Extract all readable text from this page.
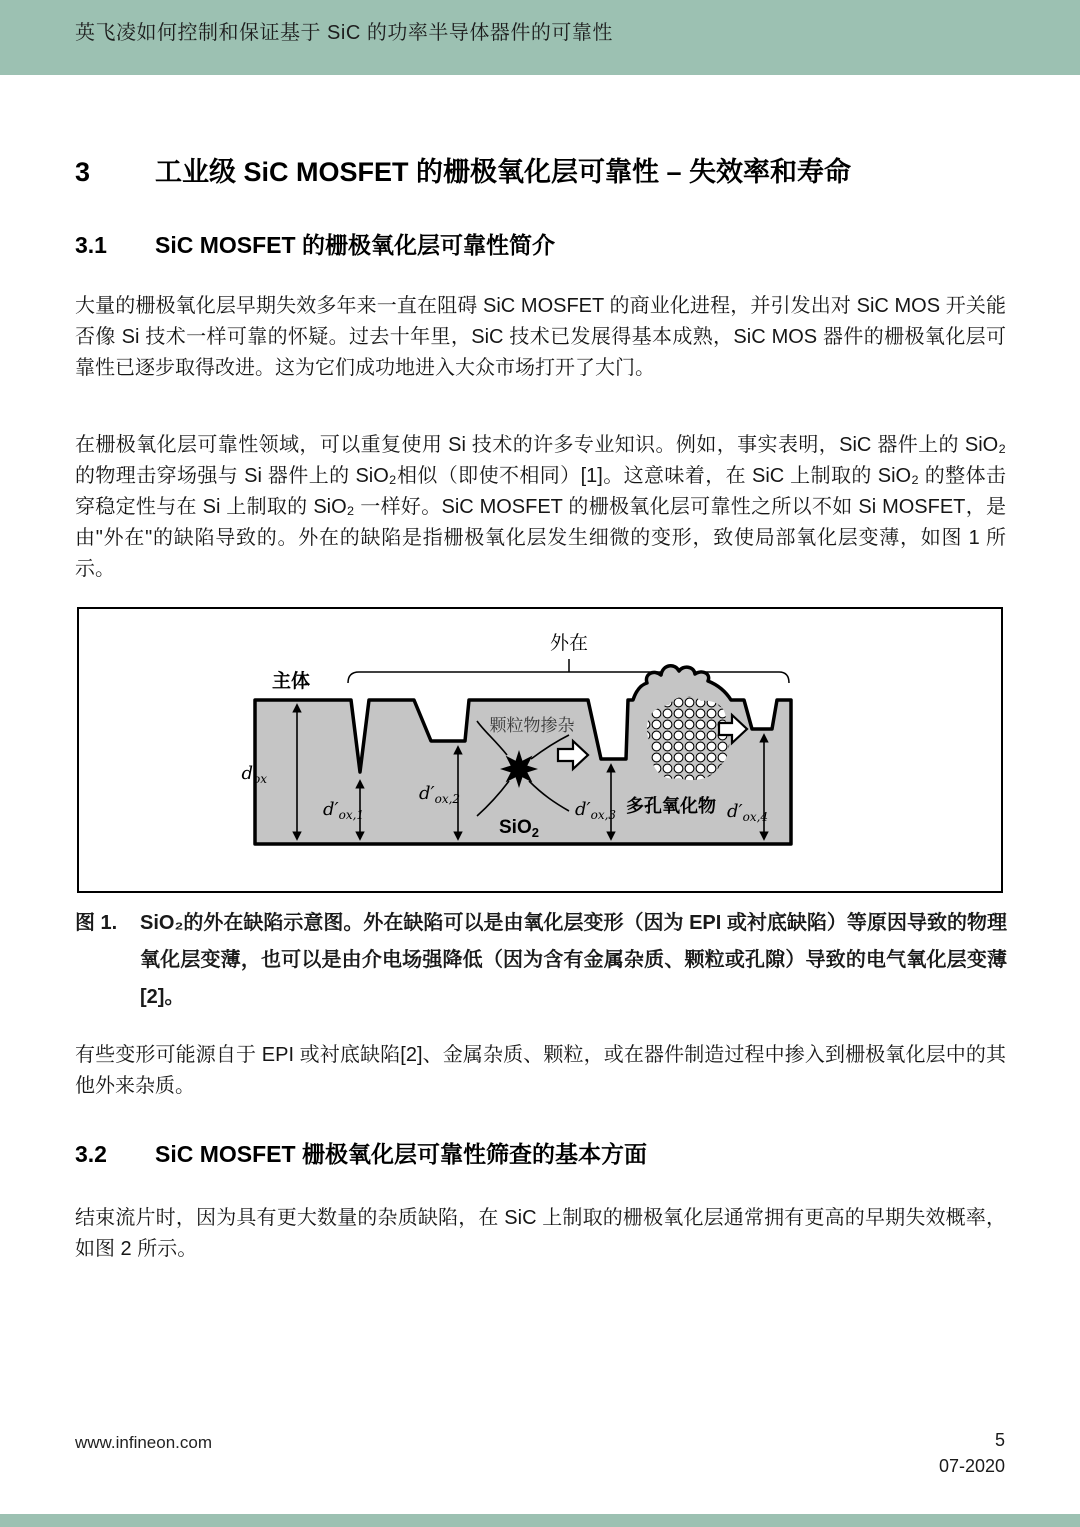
英飞凌如何控制和保证基于 SiC 的功率半导体器件的可靠性
3 工业级 SiC MOSFET 的栅极氧化层可靠性 – 失效率和寿命
3.1 SiC MOSFET 的栅极氧化层可靠性简介
大量的栅极氧化层早期失效多年来一直在阻碍 SiC MOSFET 的商业化进程，并引发出对 SiC MOS 开关能否像 Si 技术一样可靠的怀疑。过去十年里，SiC 技术已发展得基本成熟，SiC MOS 器件的栅极氧化层可靠性已逐步取得改进。这为它们成功地进入大众市场打开了大门。
在栅极氧化层可靠性领域，可以重复使用 Si 技术的许多专业知识。例如，事实表明，SiC 器件上的 SiO₂ 的物理击穿场强与 Si 器件上的 SiO₂相似（即使不相同）[1]。这意味着，在 SiC 上制取的 SiO₂ 的整体击穿稳定性与在 Si 上制取的 SiO₂ 一样好。SiC MOSFET 的栅极氧化层可靠性之所以不如 Si MOSFET，是由"外在"的缺陷导致的。外在的缺陷是指栅极氧化层发生细微的变形，致使局部氧化层变薄，如图 1 所示。
外在
主体
$d_{ox}$
$d'_{ox,1}$
$d'_{ox,2}$	$d'_{ox,3}$	$d'_{ox,4}$
颗粒物掺杂
SiO$_2$
多孔氧化物
图 1.	SiO₂的外在缺陷示意图。外在缺陷可以是由氧化层变形（因为 EPI 或衬底缺陷）等原因导致的物理氧化层变薄，也可以是由介电场强降低（因为含有金属杂质、颗粒或孔隙）导致的电气氧化层变薄[2]。
有些变形可能源自于 EPI 或衬底缺陷[2]、金属杂质、颗粒，或在器件制造过程中掺入到栅极氧化层中的其他外来杂质。
3.2 SiC MOSFET 栅极氧化层可靠性筛查的基本方面
结束流片时，因为具有更大数量的杂质缺陷，在 SiC 上制取的栅极氧化层通常拥有更高的早期失效概率，如图 2 所示。
www.infineon.com	5
07-2020
